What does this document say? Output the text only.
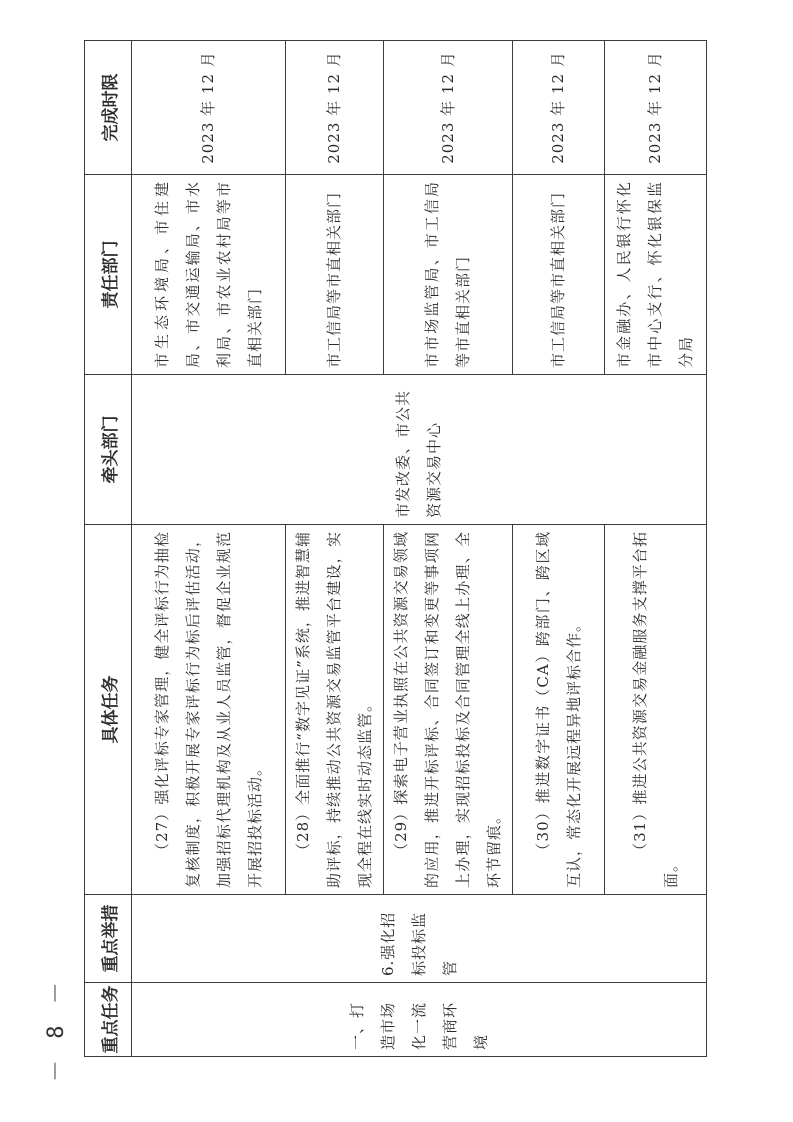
－ 8 － 重点任务	重点举措	具体任务	牵头部门	责任部门	完成时限
一、打造市场化一流营商环境	6.强化招标投标监管	（27）强化评标专家管理，健全评标行为抽检复核制度，积极开展专家评标行为标后评估活动，加强招标代理机构及从业人员监管，督促企业规范开展招投标活动。	市发改委、市公共资源交易中心	市生态环境局、市住建局、市交通运输局、市水利局、市农业农村局等市直相关部门	2023 年 12 月
		（28）全面推行“数字见证”系统，推进智慧辅助评标，持续推动公共资源交易监管平台建设，实现全程在线实时动态监管。		市工信局等市直相关部门	2023 年 12 月
		（29）探索电子营业执照在公共资源交易领域的应用，推进开标评标、合同签订和变更等事项网上办理，实现招标投标及合同管理全线上办理、全环节留痕。		市市场监管局、市工信局等市直相关部门	2023 年 12 月
		（30）推进数字证书（CA）跨部门、跨区域互认，常态化开展远程异地评标合作。		市工信局等市直相关部门	2023 年 12 月
		（31）推进公共资源交易金融服务支撑平台拓面。		市金融办、人民银行怀化市中心支行、怀化银保监分局	2023 年 12 月
